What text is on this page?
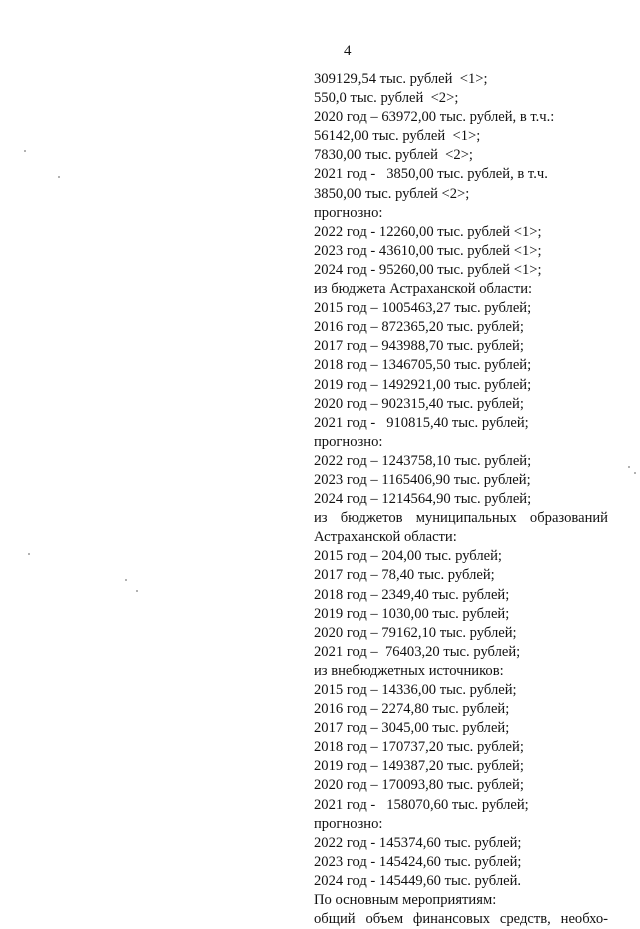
4
309129,54 тыс. рублей  <1>;
550,0 тыс. рублей  <2>;
2020 год – 63972,00 тыс. рублей, в т.ч.:
56142,00 тыс. рублей  <1>;
7830,00 тыс. рублей  <2>;
2021 год -   3850,00 тыс. рублей, в т.ч.
3850,00 тыс. рублей <2>;
прогнозно:
2022 год - 12260,00 тыс. рублей <1>;
2023 год - 43610,00 тыс. рублей <1>;
2024 год - 95260,00 тыс. рублей <1>;
из бюджета Астраханской области:
2015 год – 1005463,27 тыс. рублей;
2016 год – 872365,20 тыс. рублей;
2017 год – 943988,70 тыс. рублей;
2018 год – 1346705,50 тыс. рублей;
2019 год – 1492921,00 тыс. рублей;
2020 год – 902315,40 тыс. рублей;
2021 год -   910815,40 тыс. рублей;
прогнозно:
2022 год – 1243758,10 тыс. рублей;
2023 год – 1165406,90 тыс. рублей;
2024 год – 1214564,90 тыс. рублей;
из бюджетов муниципальных образований
Астраханской области:
2015 год – 204,00 тыс. рублей;
2017 год – 78,40 тыс. рублей;
2018 год – 2349,40 тыс. рублей;
2019 год – 1030,00 тыс. рублей;
2020 год – 79162,10 тыс. рублей;
2021 год –  76403,20 тыс. рублей;
из внебюджетных источников:
2015 год – 14336,00 тыс. рублей;
2016 год – 2274,80 тыс. рублей;
2017 год – 3045,00 тыс. рублей;
2018 год – 170737,20 тыс. рублей;
2019 год – 149387,20 тыс. рублей;
2020 год – 170093,80 тыс. рублей;
2021 год -   158070,60 тыс. рублей;
прогнозно:
2022 год - 145374,60 тыс. рублей;
2023 год - 145424,60 тыс. рублей;
2024 год - 145449,60 тыс. рублей.
По основным мероприятиям:
общий объем финансовых средств, необхо-
